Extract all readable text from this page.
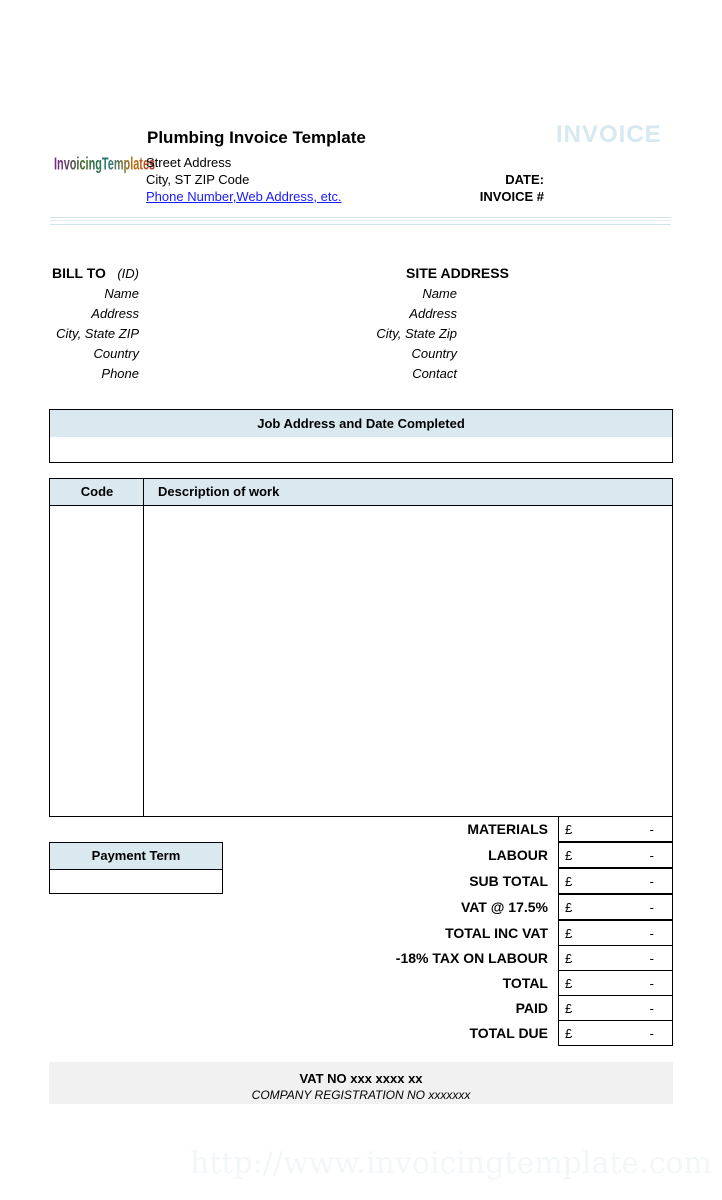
InvoicingTemplates
Plumbing Invoice Template
Street Address
City, ST ZIP Code
Phone Number,Web Address, etc.
INVOICE
DATE:
INVOICE #
BILL TO (ID)
Name
Address
City, State ZIP
Country
Phone
SITE ADDRESS
Name
Address
City, State Zip
Country
Contact
Job Address and Date Completed
Code	Description of work
Payment Term
MATERIALS £	-
LABOUR £	-
SUB TOTAL £	-
VAT @ 17.5% £	-
TOTAL INC VAT £	-
-18% TAX ON LABOUR £	-
TOTAL £	-
PAID £	-
TOTAL DUE £	-
VAT NO xxx xxxx xx
COMPANY REGISTRATION NO xxxxxxx
http://www.invoicingtemplate.com
